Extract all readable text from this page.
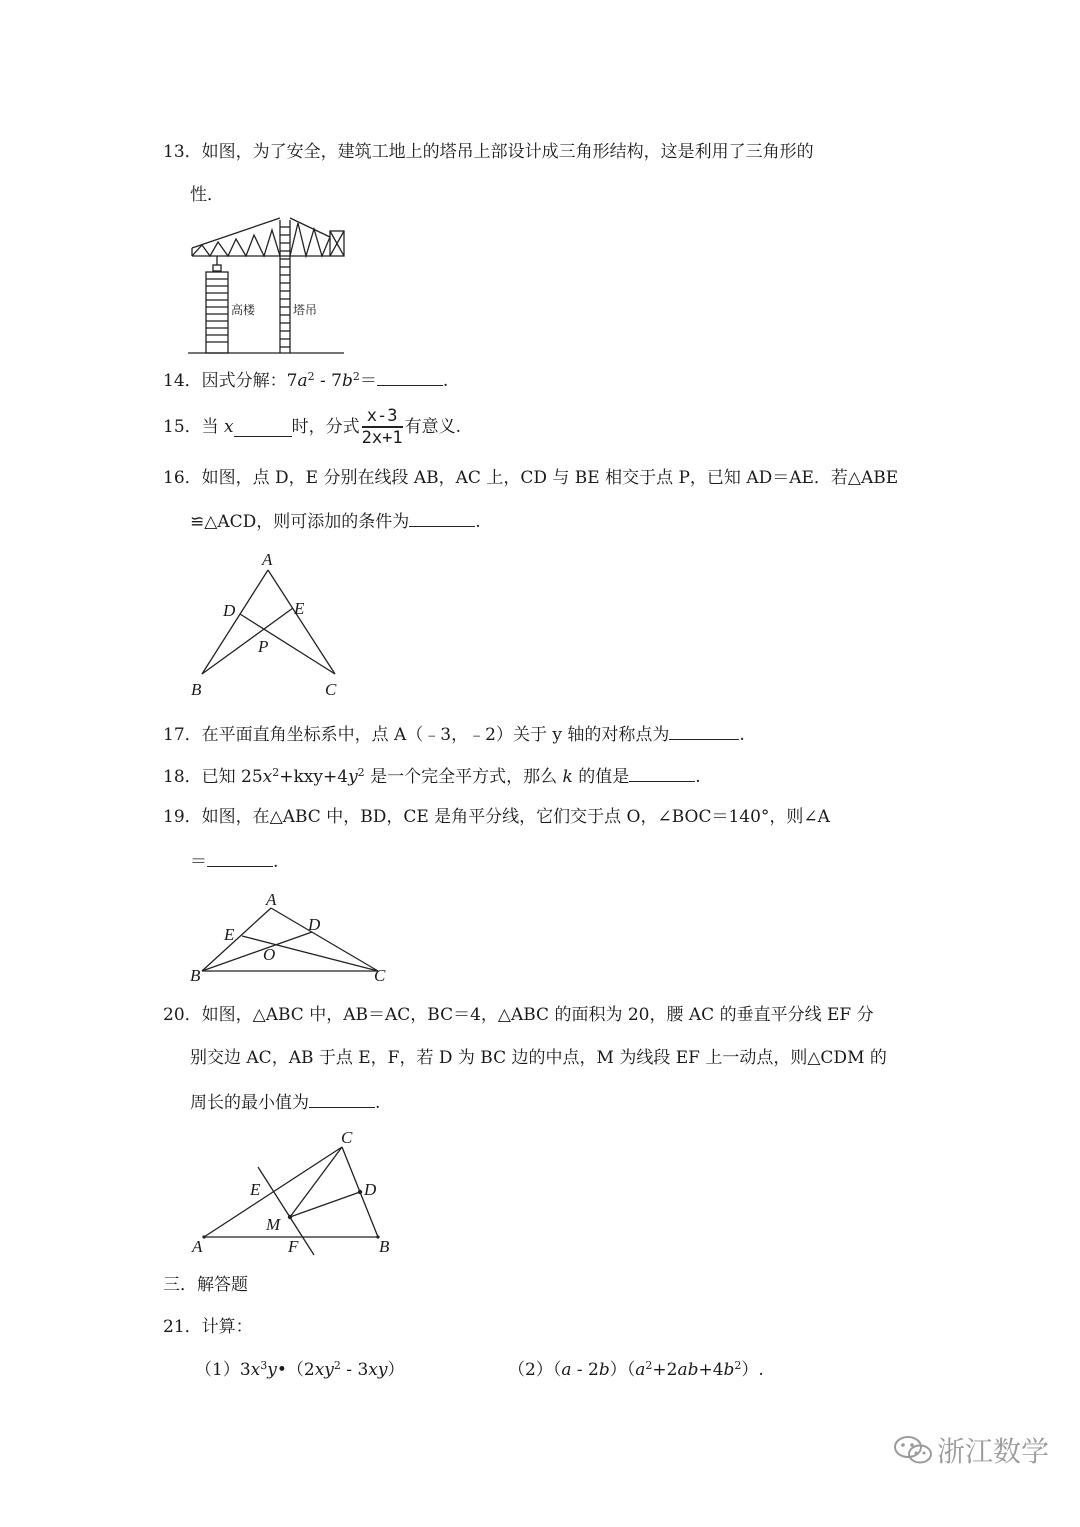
13．如图，为了安全，建筑工地上的塔吊上部设计成三角形结构，这是利用了三角形的
性．
高楼	塔吊
14．因式分解：$7a^2 - 7b^2=$	.
15．当 x	时，分式 $\frac{x-3}{2x+1}$ 有意义.
16．如图，点 D，E 分别在线段 AB，AC 上，CD 与 BE 相交于点 P，已知 AD＝AE．若△ABE
≌△ACD，则可添加的条件为	.
A
D	E
P
B	C
17．在平面直角坐标系中，点 A（﹣3，﹣2）关于 y 轴的对称点为	.
18．已知 $25x^2+kxy+4y^2$ 是一个完全平方式，那么 k 的值是	.
19．如图，在△ABC 中，BD，CE 是角平分线，它们交于点 O，∠BOC＝140°，则∠A
＝	.
A
E
D
O
B	C
20．如图，△ABC 中，AB＝AC，BC＝4，△ABC 的面积为 20，腰 AC 的垂直平分线 EF 分
别交边 AC，AB 于点 E，F，若 D 为 BC 边的中点，M 为线段 EF 上一动点，则△CDM 的
周长的最小值为	.
C
E	D
M
A	F	B
三．解答题
21．计算：
$(1)3x^3y•(2xy^2 - 3xy)$	$(2)(a - 2b)(a^2+2ab+4b^2)$.
浙江数学
